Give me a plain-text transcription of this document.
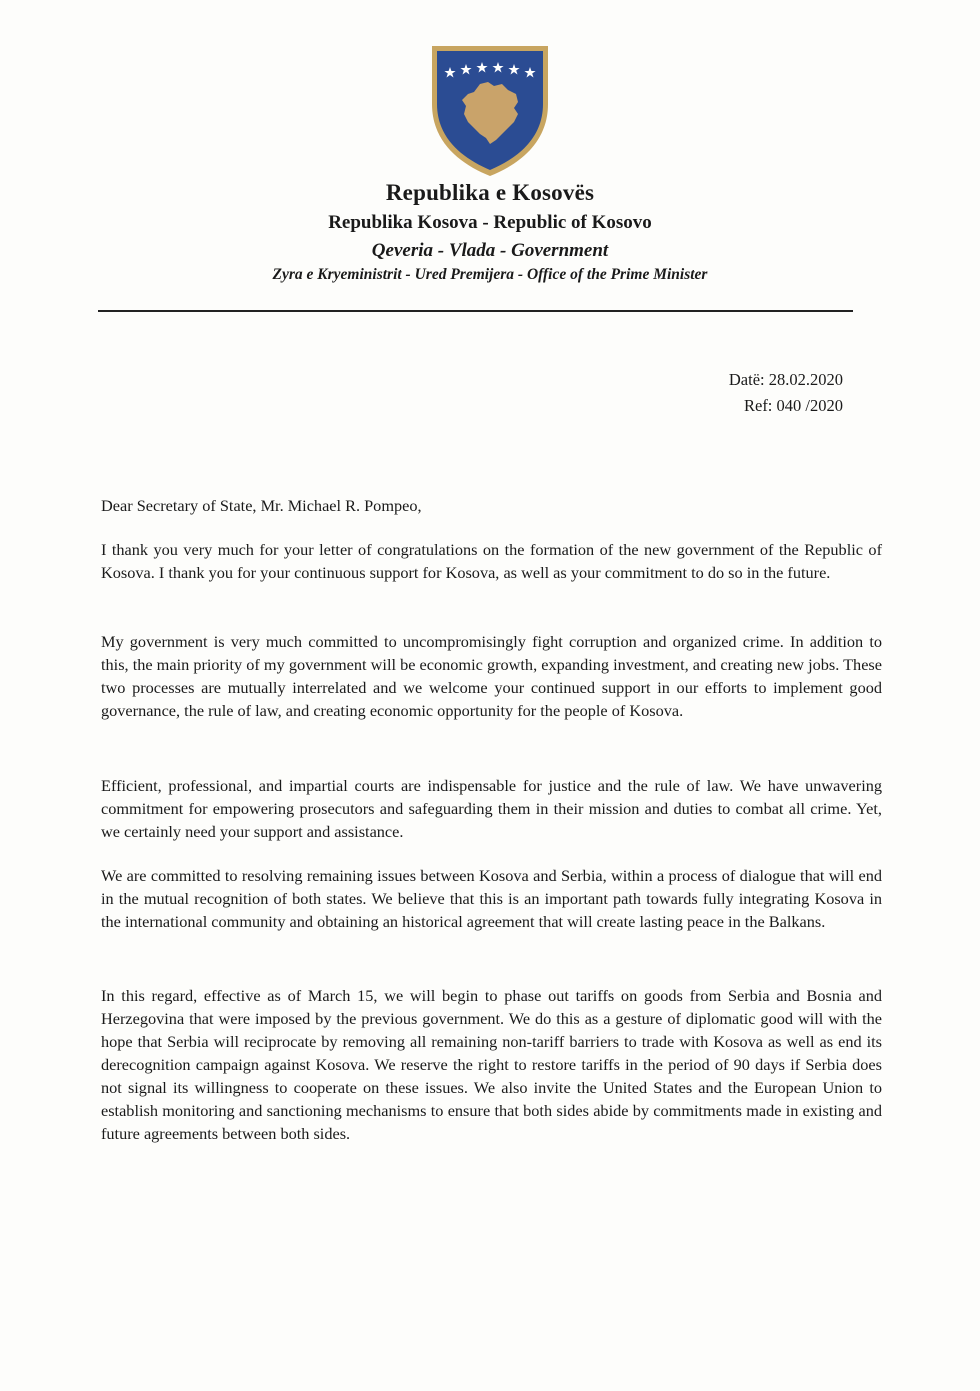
Republika e Kosovës
Republika Kosova - Republic of Kosovo
Qeveria - Vlada - Government
Zyra e Kryeministrit - Ured Premijera - Office of the Prime Minister
Datë: 28.02.2020
Ref: 040 /2020
Dear Secretary of State, Mr. Michael R. Pompeo,
I thank you very much for your letter of congratulations on the formation of the new government of the Republic of Kosova. I thank you for your continuous support for Kosova, as well as your commitment to do so in the future.
My government is very much committed to uncompromisingly fight corruption and organized crime. In addition to this, the main priority of my government will be economic growth, expanding investment, and creating new jobs. These two processes are mutually interrelated and we welcome your continued support in our efforts to implement good governance, the rule of law, and creating economic opportunity for the people of Kosova.
Efficient, professional, and impartial courts are indispensable for justice and the rule of law. We have unwavering commitment for empowering prosecutors and safeguarding them in their mission and duties to combat all crime. Yet, we certainly need your support and assistance.
We are committed to resolving remaining issues between Kosova and Serbia, within a process of dialogue that will end in the mutual recognition of both states. We believe that this is an important path towards fully integrating Kosova in the international community and obtaining an historical agreement that will create lasting peace in the Balkans.
In this regard, effective as of March 15, we will begin to phase out tariffs on goods from Serbia and Bosnia and Herzegovina that were imposed by the previous government. We do this as a gesture of diplomatic good will with the hope that Serbia will reciprocate by removing all remaining non-tariff barriers to trade with Kosova as well as end its derecognition campaign against Kosova. We reserve the right to restore tariffs in the period of 90 days if Serbia does not signal its willingness to cooperate on these issues. We also invite the United States and the European Union to establish monitoring and sanctioning mechanisms to ensure that both sides abide by commitments made in existing and future agreements between both sides.
